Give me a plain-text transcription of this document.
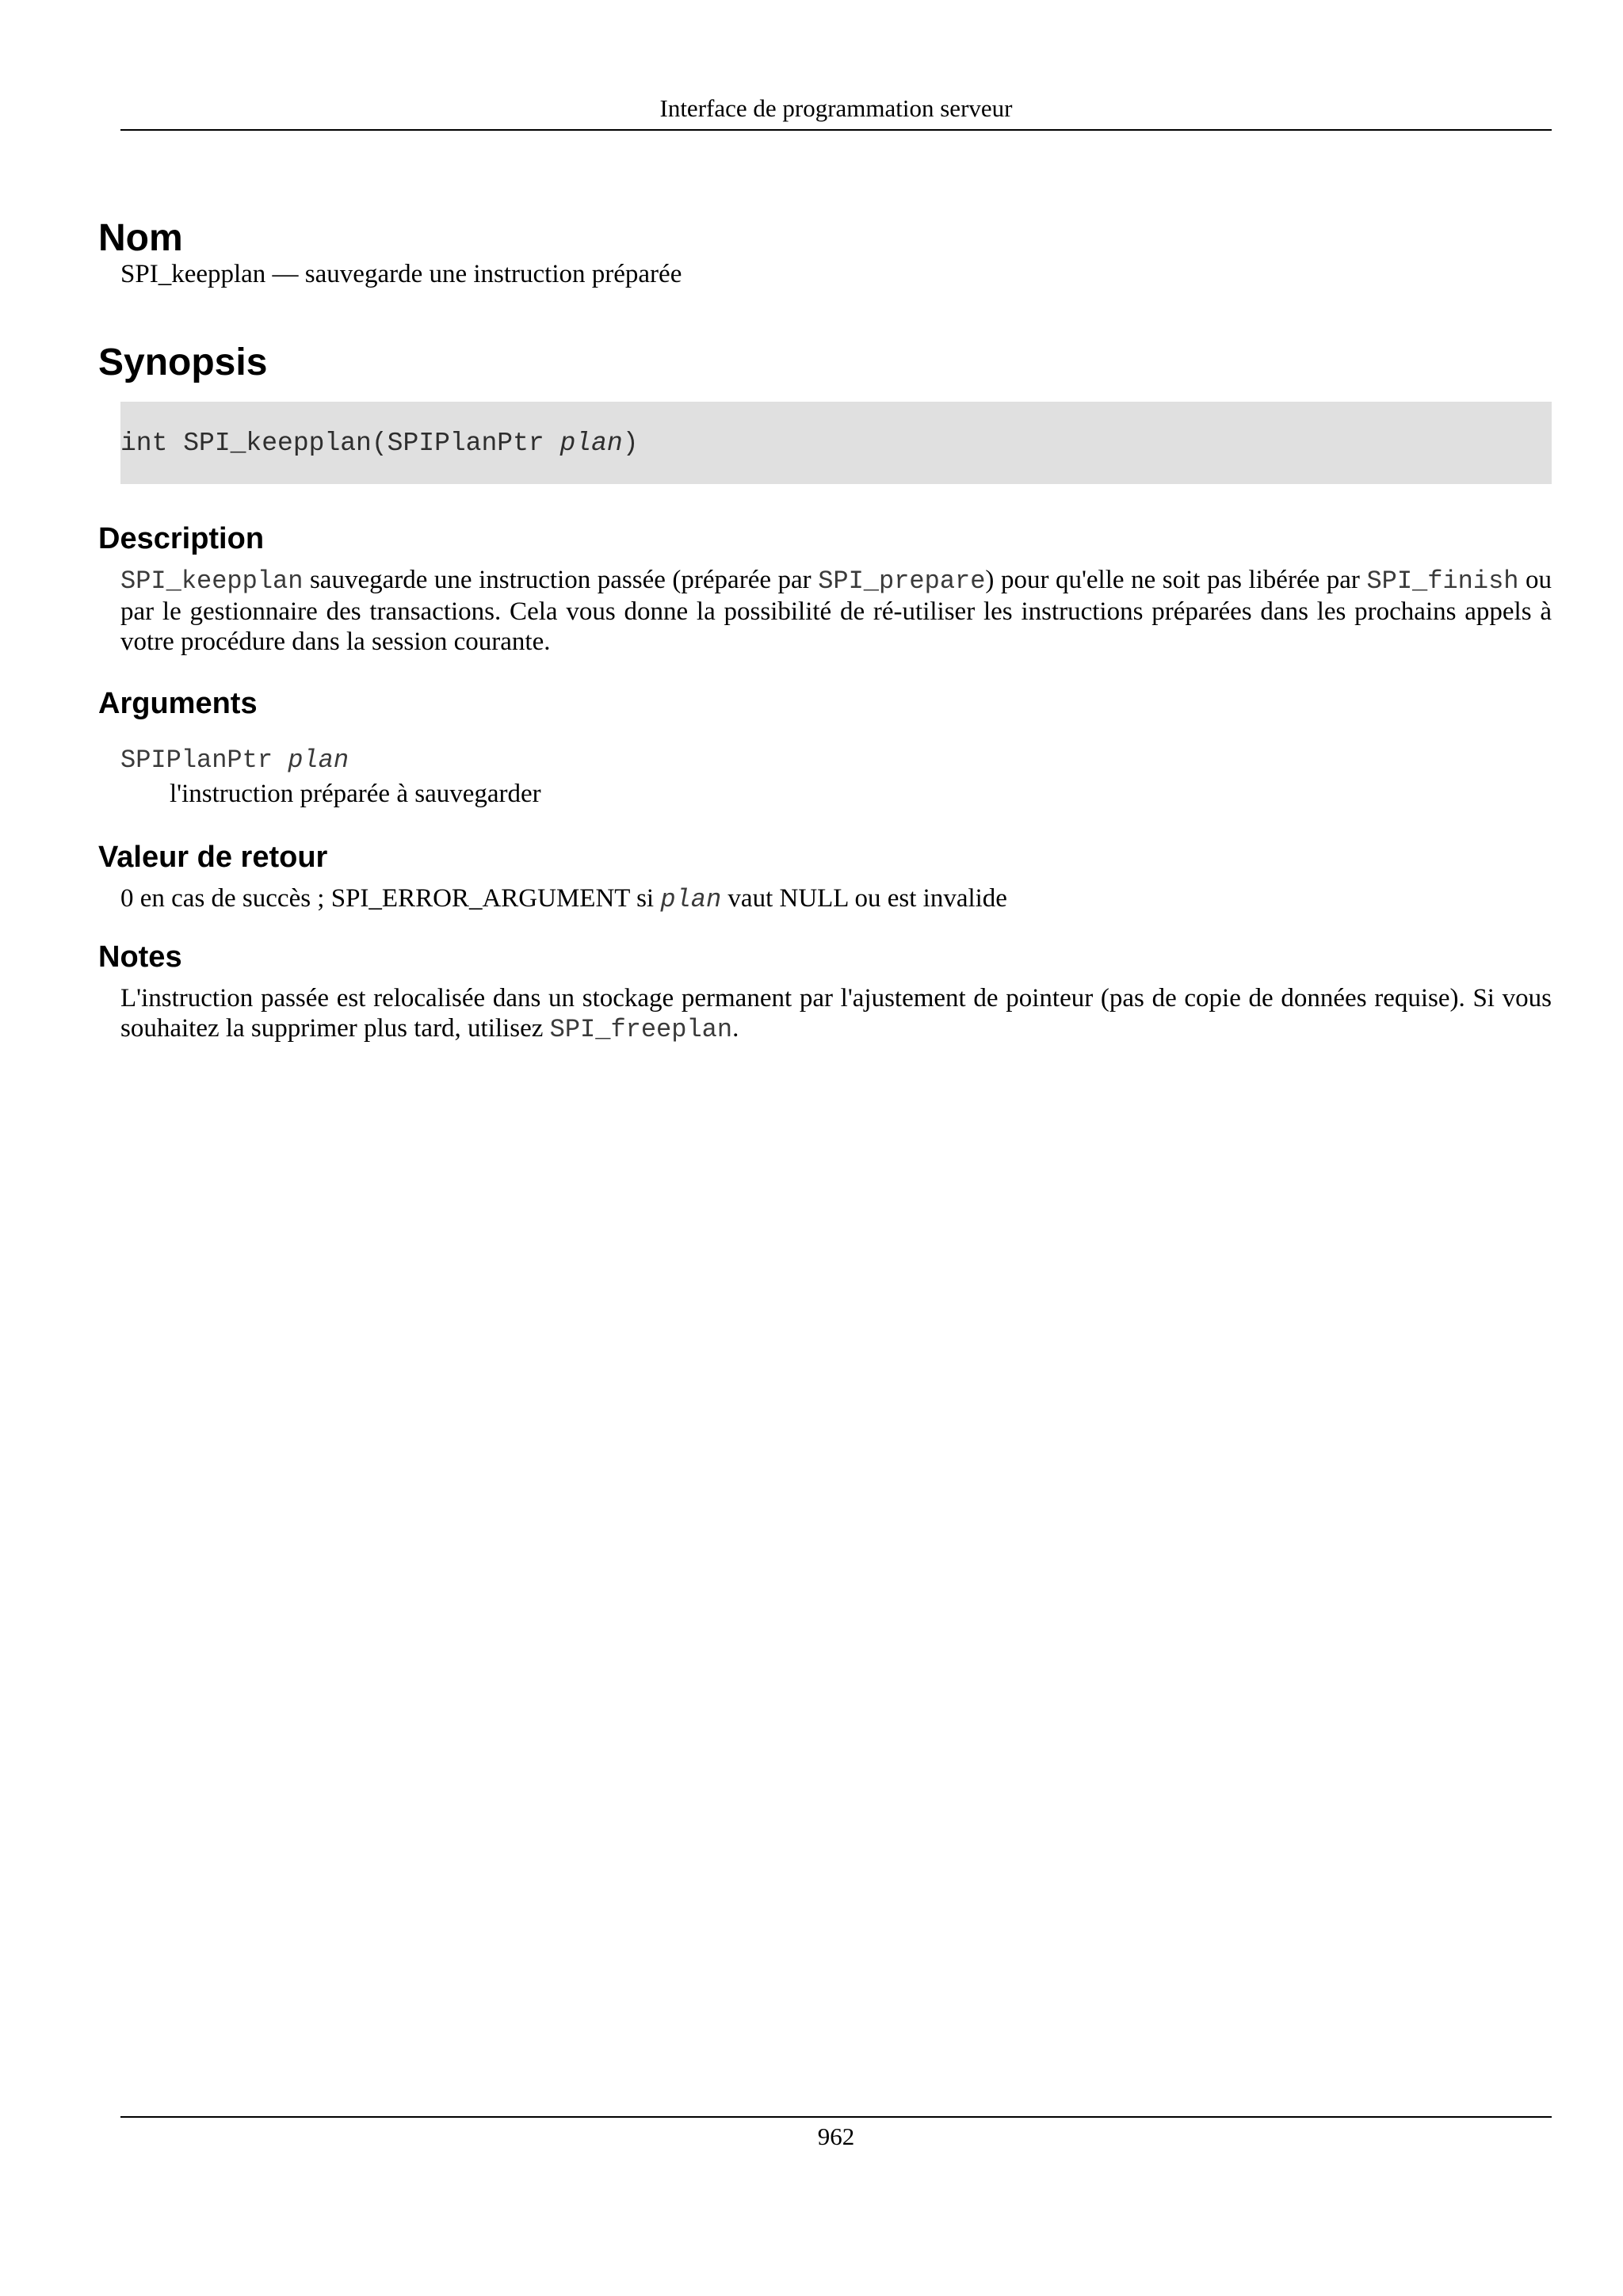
Interface de programmation serveur
Nom

SPI_keepplan — sauvegarde une instruction préparée

Synopsis
int SPI_keepplan(SPIPlanPtr plan)
Description

SPI_keepplan sauvegarde une instruction passée (préparée par SPI_prepare) pour qu'elle ne soit pas libérée par SPI_finish ou par le gestionnaire des transactions. Cela vous donne la possibilité de ré-utiliser les instructions préparées dans les prochains appels à votre procédure dans la session courante.

Arguments
SPIPlanPtr plan
l'instruction préparée à sauvegarder
Valeur de retour

0 en cas de succès ; SPI_ERROR_ARGUMENT si plan vaut NULL ou est invalide

Notes

L'instruction passée est relocalisée dans un stockage permanent par l'ajustement de pointeur (pas de copie de données requise). Si vous souhaitez la supprimer plus tard, utilisez SPI_freeplan.

962
